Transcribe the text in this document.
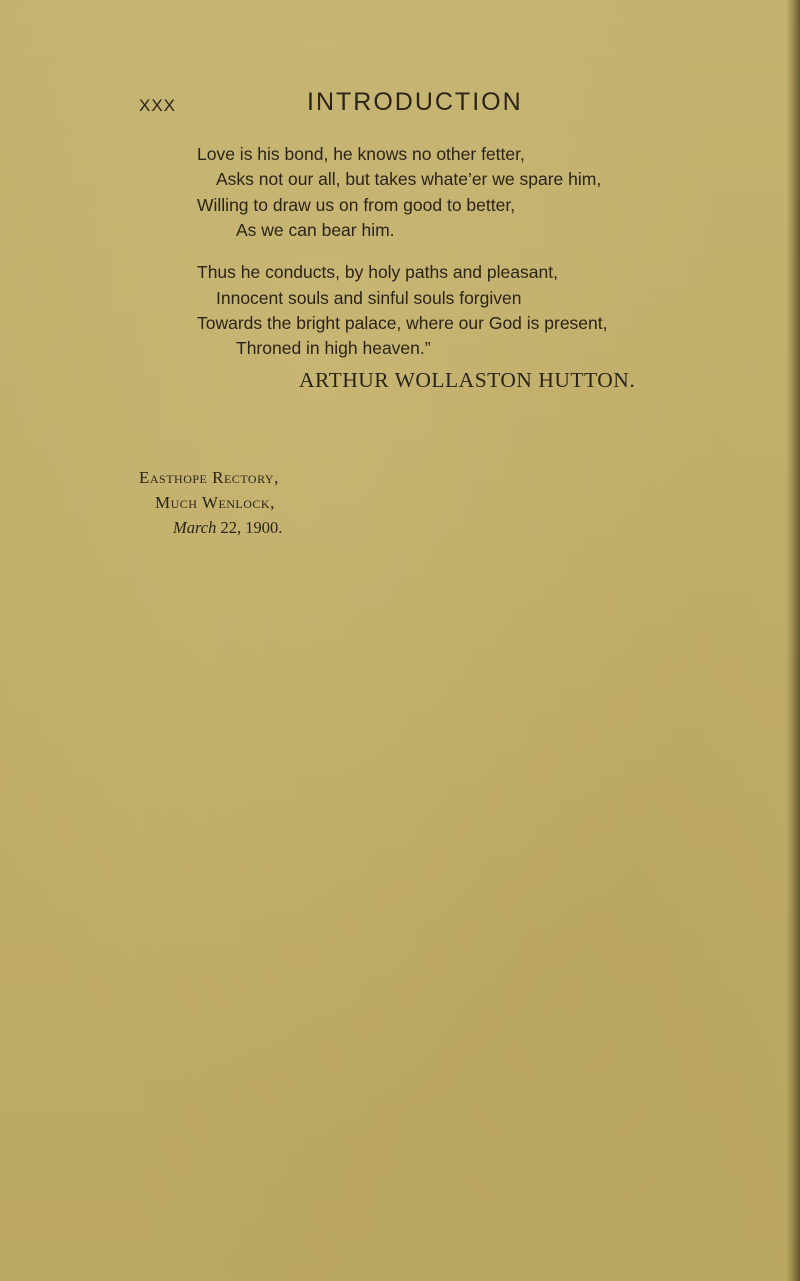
XXX	INTRODUCTION
Love is his bond, he knows no other fetter,
Asks not our all, but takes whate’er we spare him,
Willing to draw us on from good to better,
As we can bear him.
Thus he conducts, by holy paths and pleasant,
Innocent souls and sinful souls forgiven
Towards the bright palace, where our God is present,
Throned in high heaven.”
ARTHUR WOLLASTON HUTTON.
Easthope Rectory,
Much Wenlock,
March 22, 1900.
